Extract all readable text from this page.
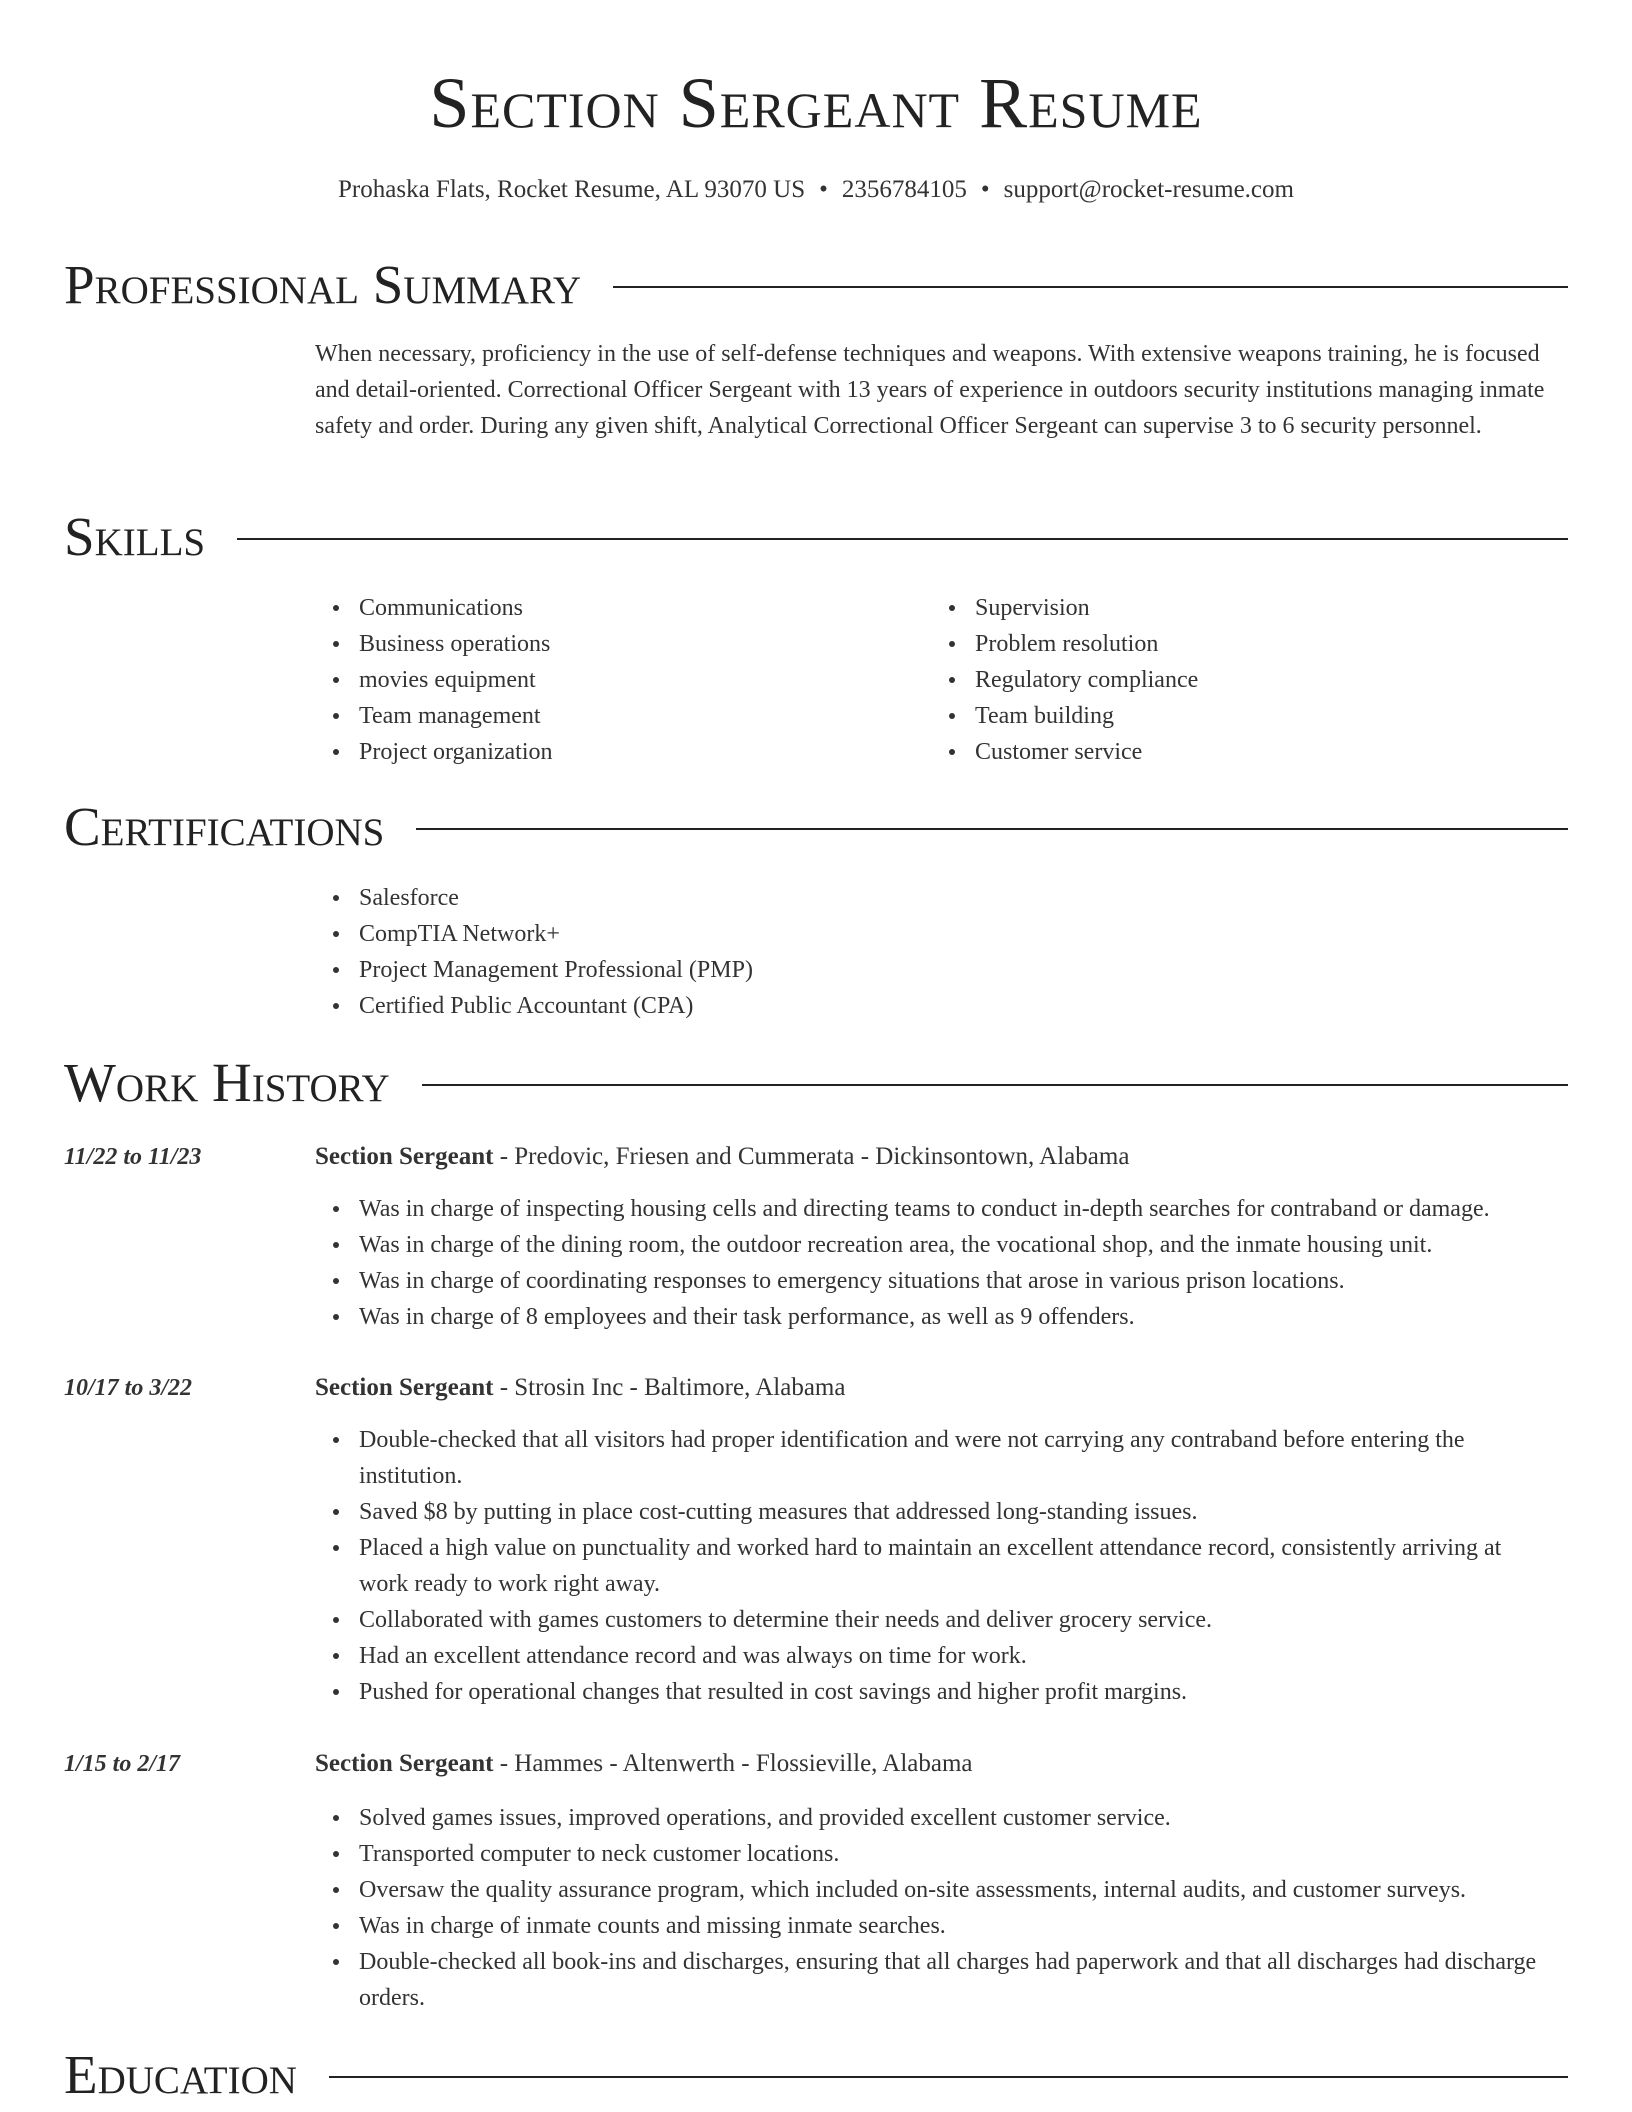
Section Sergeant Resume
Prohaska Flats, Rocket Resume, AL 93070 US • 2356784105 • support@rocket-resume.com
Professional Summary
When necessary, proficiency in the use of self-defense techniques and weapons. With extensive weapons training, he is focused and detail-oriented. Correctional Officer Sergeant with 13 years of experience in outdoors security institutions managing inmate safety and order. During any given shift, Analytical Correctional Officer Sergeant can supervise 3 to 6 security personnel.
Skills
Communications
Business operations
movies equipment
Team management
Project organization
Supervision
Problem resolution
Regulatory compliance
Team building
Customer service
Certifications
Salesforce
CompTIA Network+
Project Management Professional (PMP)
Certified Public Accountant (CPA)
Work History
11/22 to 11/23	Section Sergeant - Predovic, Friesen and Cummerata - Dickinsontown, Alabama
Was in charge of inspecting housing cells and directing teams to conduct in-depth searches for contraband or damage.
Was in charge of the dining room, the outdoor recreation area, the vocational shop, and the inmate housing unit.
Was in charge of coordinating responses to emergency situations that arose in various prison locations.
Was in charge of 8 employees and their task performance, as well as 9 offenders.
10/17 to 3/22	Section Sergeant - Strosin Inc - Baltimore, Alabama
Double-checked that all visitors had proper identification and were not carrying any contraband before entering the institution.
Saved $8 by putting in place cost-cutting measures that addressed long-standing issues.
Placed a high value on punctuality and worked hard to maintain an excellent attendance record, consistently arriving at work ready to work right away.
Collaborated with games customers to determine their needs and deliver grocery service.
Had an excellent attendance record and was always on time for work.
Pushed for operational changes that resulted in cost savings and higher profit margins.
1/15 to 2/17	Section Sergeant - Hammes - Altenwerth - Flossieville, Alabama
Solved games issues, improved operations, and provided excellent customer service.
Transported computer to neck customer locations.
Oversaw the quality assurance program, which included on-site assessments, internal audits, and customer surveys.
Was in charge of inmate counts and missing inmate searches.
Double-checked all book-ins and discharges, ensuring that all charges had paperwork and that all discharges had discharge orders.
Education
